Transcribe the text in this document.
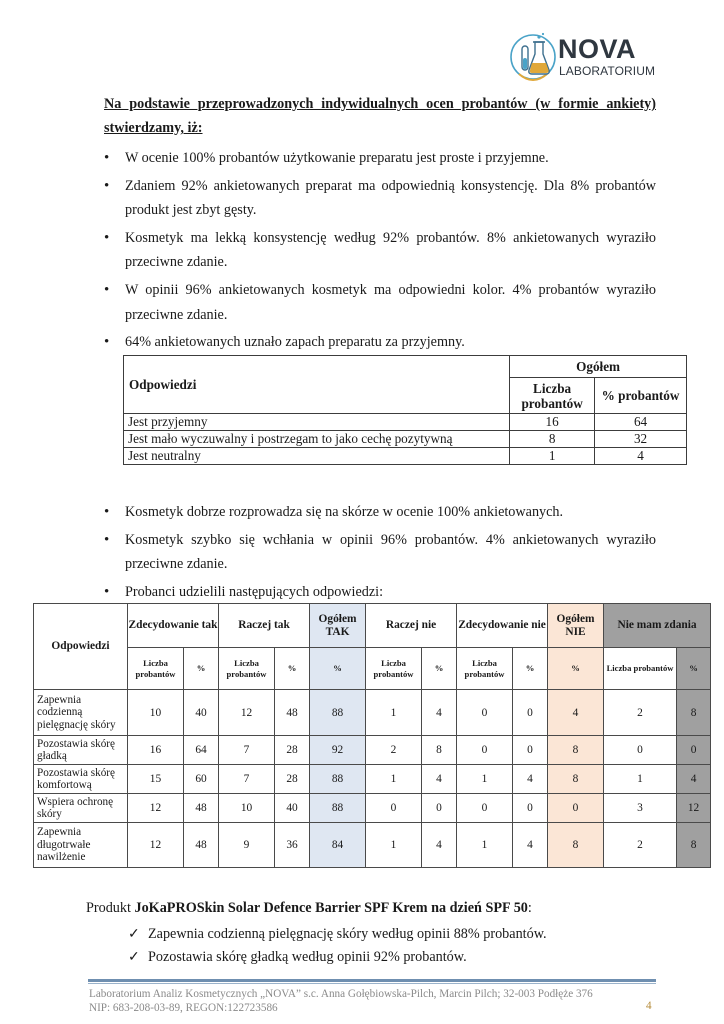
NOVA
LABORATORIUM
Na podstawie przeprowadzonych indywidualnych ocen probantów (w formie ankiety) stwierdzamy, iż:
• W ocenie 100% probantów użytkowanie preparatu jest proste i przyjemne.
• Zdaniem 92% ankietowanych preparat ma odpowiednią konsystencję. Dla 8% probantów produkt jest zbyt gęsty.
• Kosmetyk ma lekką konsystencję według 92% probantów. 8% ankietowanych wyraziło przeciwne zdanie.
• W opinii 96% ankietowanych kosmetyk ma odpowiedni kolor. 4% probantów wyraziło przeciwne zdanie.
• 64% ankietowanych uznało zapach preparatu za przyjemny.
Odpowiedzi	Ogółem	
	Liczba probantów	% probantów
Jest przyjemny	16	64
Jest mało wyczuwalny i postrzegam to jako cechę pozytywną	8	32
Jest neutralny	1	4
• Kosmetyk dobrze rozprowadza się na skórze w ocenie 100% ankietowanych.
• Kosmetyk szybko się wchłania w opinii 96% probantów. 4% ankietowanych wyraziło przeciwne zdanie.
• Probanci udzielili następujących odpowiedzi:
Odpowiedzi	Zdecydowanie tak		Raczej tak		Ogółem TAK	Raczej nie		Zdecydowanie nie		Ogółem NIE	Nie mam zdania	
	Liczba probantów	%	Liczba probantów	%	%	Liczba probantów	%	Liczba probantów	%	%	Liczba probantów	%
Zapewnia codzienną pielęgnację skóry	10	40	12	48	88	1	4	0	0	4	2	8
Pozostawia skórę gładką	16	64	7	28	92	2	8	0	0	8	0	0
Pozostawia skórę komfortową	15	60	7	28	88	1	4	1	4	8	1	4
Wspiera ochronę skóry	12	48	10	40	88	0	0	0	0	0	3	12
Zapewnia długotrwałe nawilżenie	12	48	9	36	84	1	4	1	4	8	2	8
Produkt JoKaPROSkin Solar Defence Barrier SPF Krem na dzień SPF 50:
✓ Zapewnia codzienną pielęgnację skóry według opinii 88% probantów.
✓ Pozostawia skórę gładką według opinii 92% probantów.
Laboratorium Analiz Kosmetycznych „NOVA” s.c. Anna Gołębiowska-Pilch, Marcin Pilch; 32-003 Podłęże 376
NIP: 683-208-03-89, REGON:122723586	4
